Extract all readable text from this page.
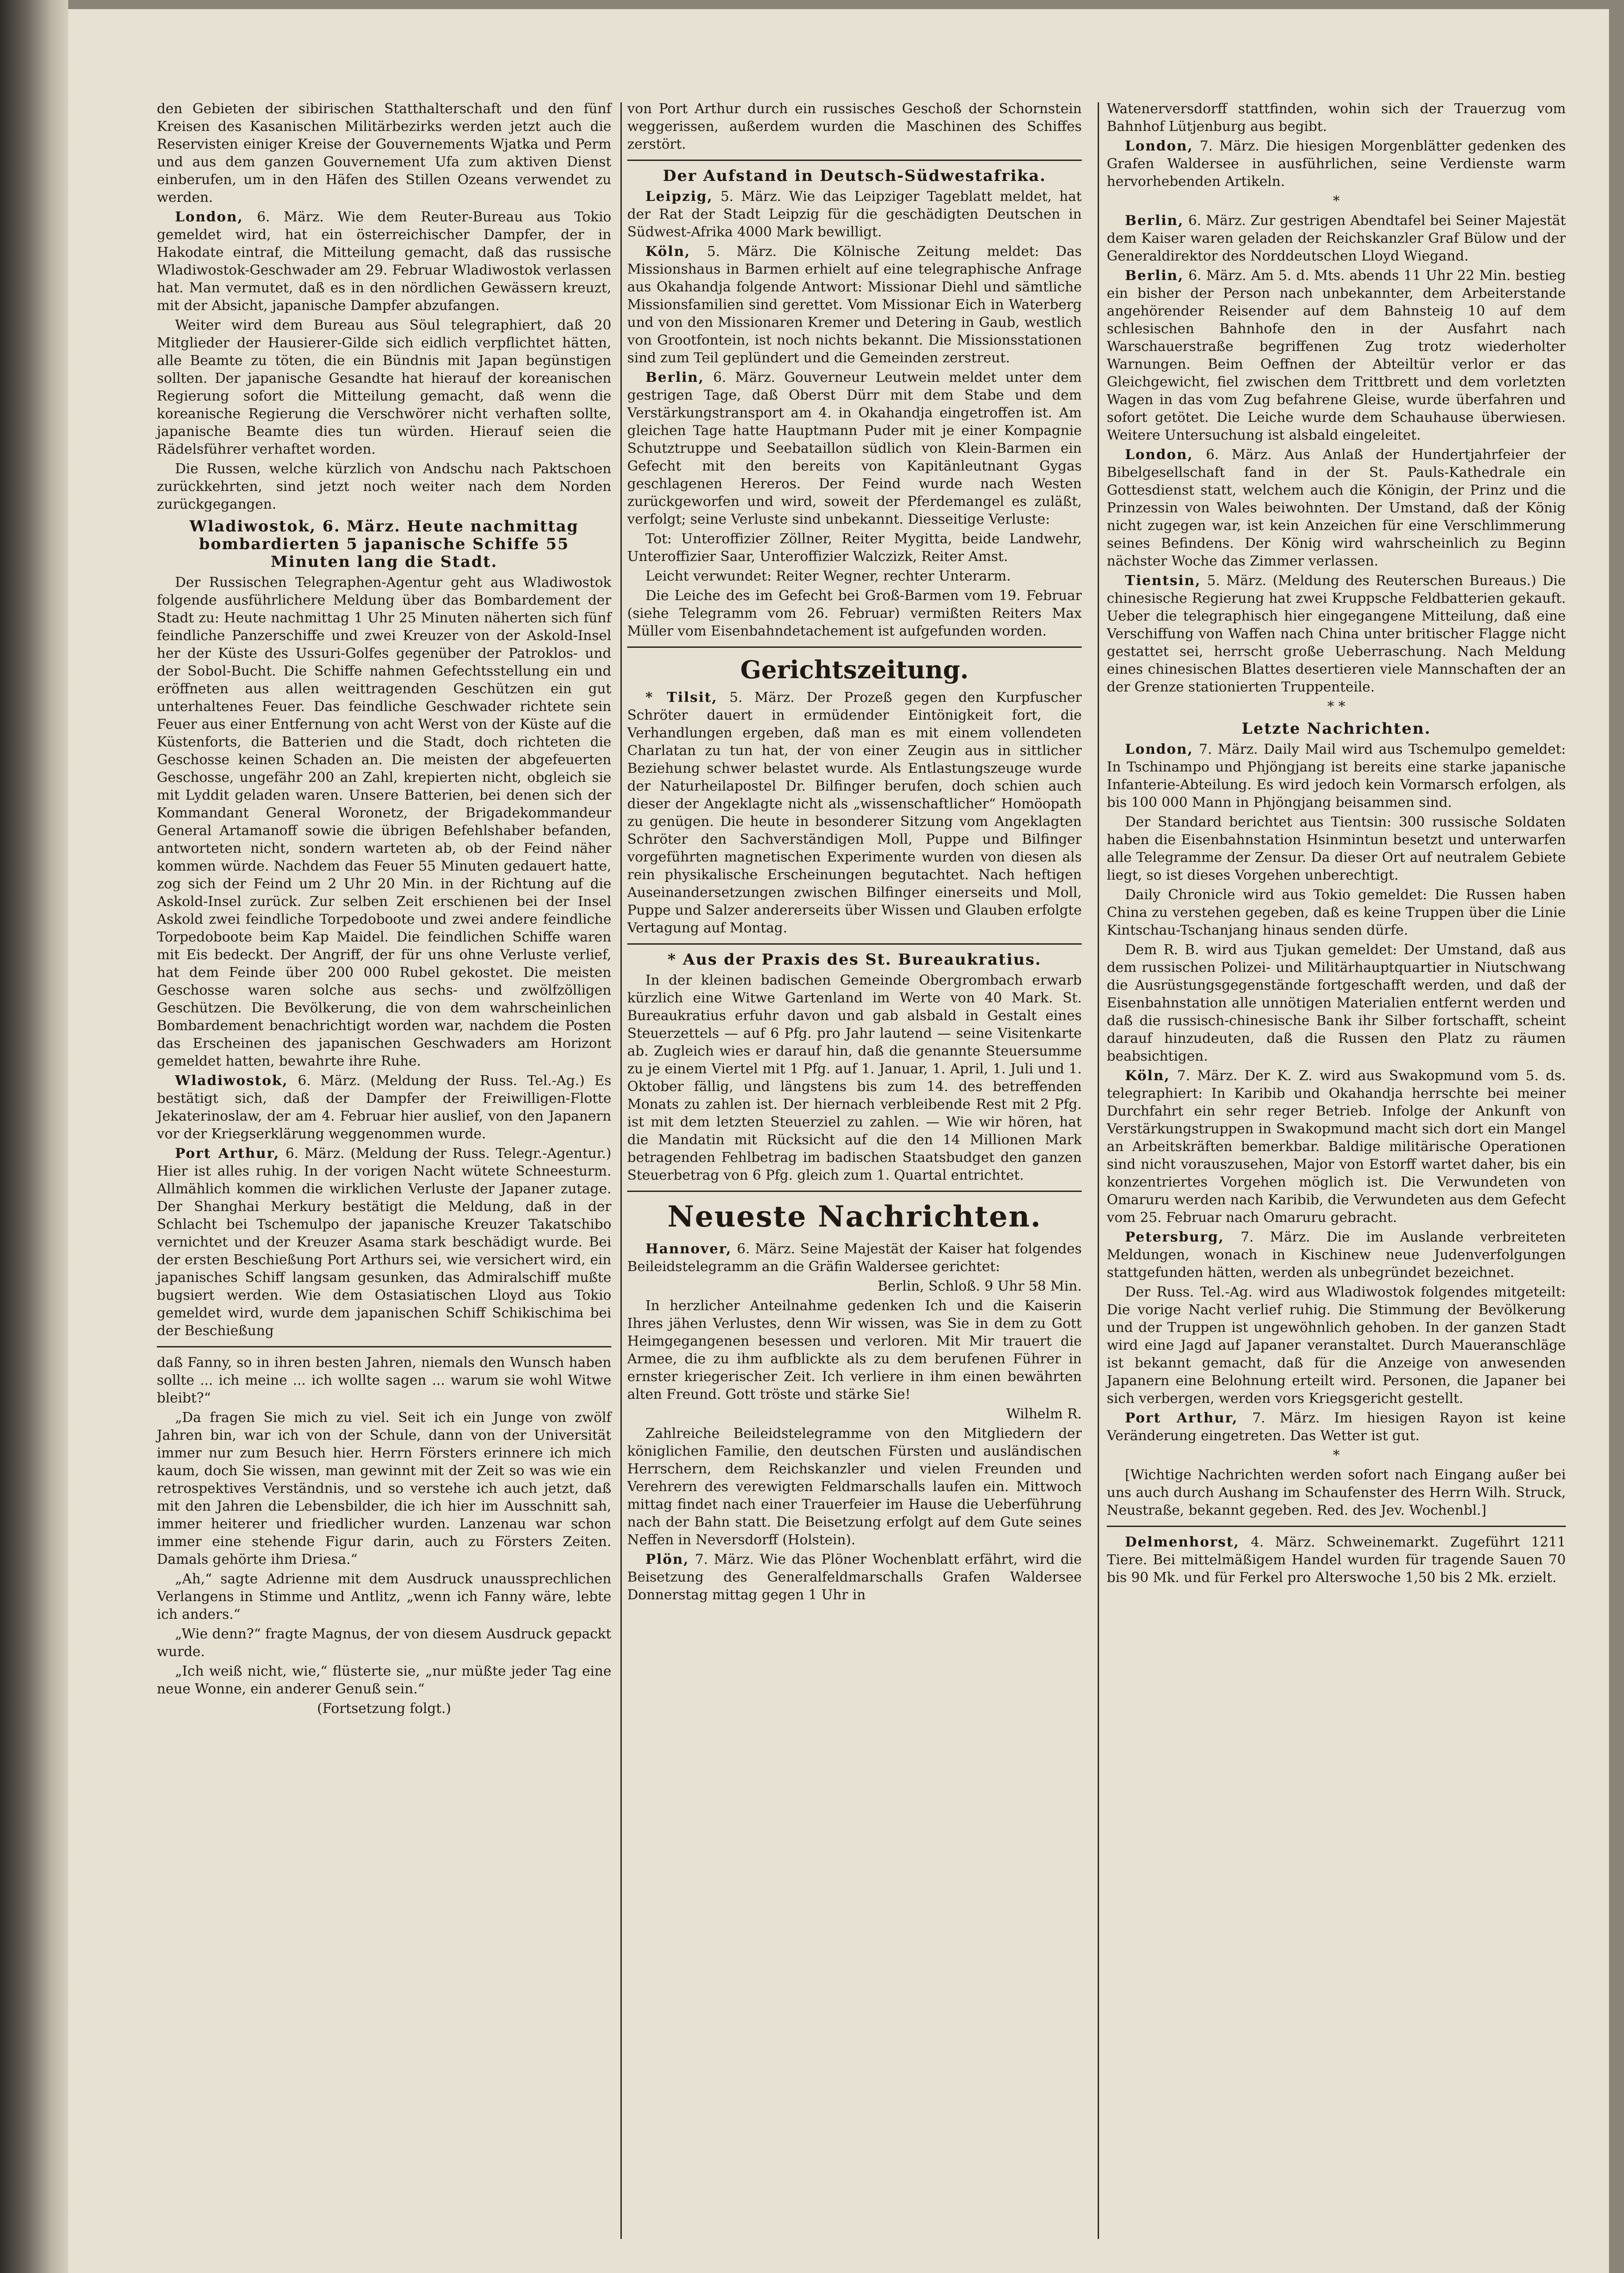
den Gebieten der sibirischen Statthalterschaft und den fünf Kreisen des Kasanischen Militärbezirks werden jetzt auch die Reservisten einiger Kreise der Gouvernements Wjatka und Perm und aus dem ganzen Gouvernement Ufa zum aktiven Dienst einberufen, um in den Häfen des Stillen Ozeans verwendet zu werden.

London, 6. März. Wie dem Reuter-Bureau aus Tokio gemeldet wird, hat ein österreichischer Dampfer, der in Hakodate eintraf, die Mitteilung gemacht, daß das russische Wladiwostok-Geschwader am 29. Februar Wladiwostok verlassen hat. Man vermutet, daß es in den nördlichen Gewässern kreuzt, mit der Absicht, japanische Dampfer abzufangen.

Weiter wird dem Bureau aus Söul telegraphiert, daß 20 Mitglieder der Hausierer-Gilde sich eidlich verpflichtet hätten, alle Beamte zu töten, die ein Bündnis mit Japan begünstigen sollten. Der japanische Gesandte hat hierauf der koreanischen Regierung sofort die Mitteilung gemacht, daß wenn die koreanische Regierung die Verschwörer nicht verhaften sollte, japanische Beamte dies tun würden. Hierauf seien die Rädelsführer verhaftet worden.

Die Russen, welche kürzlich von Andschu nach Paktschoen zurückkehrten, sind jetzt noch weiter nach dem Norden zurückgegangen.

Wladiwostok, 6. März. Heute nachmittag bombardierten 5 japanische Schiffe 55 Minuten lang die Stadt.

Der Russischen Telegraphen-Agentur geht aus Wladiwostok folgende ausführlichere Meldung über das Bombardement der Stadt zu: Heute nachmittag 1 Uhr 25 Minuten näherten sich fünf feindliche Panzerschiffe und zwei Kreuzer von der Askold-Insel her der Küste des Ussuri-Golfes gegenüber der Patroklos- und der Sobol-Bucht. Die Schiffe nahmen Gefechtsstellung ein und eröffneten aus allen weittragenden Geschützen ein gut unterhaltenes Feuer. Das feindliche Geschwader richtete sein Feuer aus einer Entfernung von acht Werst von der Küste auf die Küstenforts, die Batterien und die Stadt, doch richteten die Geschosse keinen Schaden an. Die meisten der abgefeuerten Geschosse, ungefähr 200 an Zahl, krepierten nicht, obgleich sie mit Lyddit geladen waren. Unsere Batterien, bei denen sich der Kommandant General Woronetz, der Brigadekommandeur General Artamanoff sowie die übrigen Befehlshaber befanden, antworteten nicht, sondern warteten ab, ob der Feind näher kommen würde. Nachdem das Feuer 55 Minuten gedauert hatte, zog sich der Feind um 2 Uhr 20 Min. in der Richtung auf die Askold-Insel zurück. Zur selben Zeit erschienen bei der Insel Askold zwei feindliche Torpedoboote und zwei andere feindliche Torpedoboote beim Kap Maidel. Die feindlichen Schiffe waren mit Eis bedeckt. Der Angriff, der für uns ohne Verluste verlief, hat dem Feinde über 200 000 Rubel gekostet. Die meisten Geschosse waren solche aus sechs- und zwölfzölligen Geschützen. Die Bevölkerung, die von dem wahrscheinlichen Bombardement benachrichtigt worden war, nachdem die Posten das Erscheinen des japanischen Geschwaders am Horizont gemeldet hatten, bewahrte ihre Ruhe.

Wladiwostok, 6. März. (Meldung der Russ. Tel.-Ag.) Es bestätigt sich, daß der Dampfer der Freiwilligen-Flotte Jekaterinoslaw, der am 4. Februar hier auslief, von den Japanern vor der Kriegserklärung weggenommen wurde.

Port Arthur, 6. März. (Meldung der Russ. Telegr.-Agentur.) Hier ist alles ruhig. In der vorigen Nacht wütete Schneesturm. Allmählich kommen die wirklichen Verluste der Japaner zutage. Der Shanghai Merkury bestätigt die Meldung, daß in der Schlacht bei Tschemulpo der japanische Kreuzer Takatschibo vernichtet und der Kreuzer Asama stark beschädigt wurde. Bei der ersten Beschießung Port Arthurs sei, wie versichert wird, ein japanisches Schiff langsam gesunken, das Admiralschiff mußte bugsiert werden. Wie dem Ostasiatischen Lloyd aus Tokio gemeldet wird, wurde dem japanischen Schiff Schikischima bei der Beschießung

daß Fanny, so in ihren besten Jahren, niemals den Wunsch haben sollte ... ich meine ... ich wollte sagen ... warum sie wohl Witwe bleibt?“

„Da fragen Sie mich zu viel. Seit ich ein Junge von zwölf Jahren bin, war ich von der Schule, dann von der Universität immer nur zum Besuch hier. Herrn Försters erinnere ich mich kaum, doch Sie wissen, man gewinnt mit der Zeit so was wie ein retrospektives Verständnis, und so verstehe ich auch jetzt, daß mit den Jahren die Lebensbilder, die ich hier im Ausschnitt sah, immer heiterer und friedlicher wurden. Lanzenau war schon immer eine stehende Figur darin, auch zu Försters Zeiten. Damals gehörte ihm Driesa.“

„Ah,“ sagte Adrienne mit dem Ausdruck unaussprechlichen Verlangens in Stimme und Antlitz, „wenn ich Fanny wäre, lebte ich anders.“

„Wie denn?“ fragte Magnus, der von diesem Ausdruck gepackt wurde.

„Ich weiß nicht, wie,“ flüsterte sie, „nur müßte jeder Tag eine neue Wonne, ein anderer Genuß sein.“

(Fortsetzung folgt.)

von Port Arthur durch ein russisches Geschoß der Schornstein weggerissen, außerdem wurden die Maschinen des Schiffes zerstört.

Der Aufstand in Deutsch-Südwestafrika.

Leipzig, 5. März. Wie das Leipziger Tageblatt meldet, hat der Rat der Stadt Leipzig für die geschädigten Deutschen in Südwest-Afrika 4000 Mark bewilligt.

Köln, 5. März. Die Kölnische Zeitung meldet: Das Missionshaus in Barmen erhielt auf eine telegraphische Anfrage aus Okahandja folgende Antwort: Missionar Diehl und sämtliche Missionsfamilien sind gerettet. Vom Missionar Eich in Waterberg und von den Missionaren Kremer und Detering in Gaub, westlich von Grootfontein, ist noch nichts bekannt. Die Missionsstationen sind zum Teil geplündert und die Gemeinden zerstreut.

Berlin, 6. März. Gouverneur Leutwein meldet unter dem gestrigen Tage, daß Oberst Dürr mit dem Stabe und dem Verstärkungstransport am 4. in Okahandja eingetroffen ist. Am gleichen Tage hatte Hauptmann Puder mit je einer Kompagnie Schutztruppe und Seebataillon südlich von Klein-Barmen ein Gefecht mit den bereits von Kapitänleutnant Gygas geschlagenen Hereros. Der Feind wurde nach Westen zurückgeworfen und wird, soweit der Pferdemangel es zuläßt, verfolgt; seine Verluste sind unbekannt. Diesseitige Verluste:

Tot: Unteroffizier Zöllner, Reiter Mygitta, beide Landwehr, Unteroffizier Saar, Unteroffizier Walczizk, Reiter Amst.

Leicht verwundet: Reiter Wegner, rechter Unterarm.

Die Leiche des im Gefecht bei Groß-Barmen vom 19. Februar (siehe Telegramm vom 26. Februar) vermißten Reiters Max Müller vom Eisenbahndetachement ist aufgefunden worden.

Gerichtszeitung.

* Tilsit, 5. März. Der Prozeß gegen den Kurpfuscher Schröter dauert in ermüdender Eintönigkeit fort, die Verhandlungen ergeben, daß man es mit einem vollendeten Charlatan zu tun hat, der von einer Zeugin aus in sittlicher Beziehung schwer belastet wurde. Als Entlastungszeuge wurde der Naturheilapostel Dr. Bilfinger berufen, doch schien auch dieser der Angeklagte nicht als „wissenschaftlicher“ Homöopath zu genügen. Die heute in besonderer Sitzung vom Angeklagten Schröter den Sachverständigen Moll, Puppe und Bilfinger vorgeführten magnetischen Experimente wurden von diesen als rein physikalische Erscheinungen begutachtet. Nach heftigen Auseinandersetzungen zwischen Bilfinger einerseits und Moll, Puppe und Salzer andererseits über Wissen und Glauben erfolgte Vertagung auf Montag.

* Aus der Praxis des St. Bureaukratius.

In der kleinen badischen Gemeinde Obergrombach erwarb kürzlich eine Witwe Gartenland im Werte von 40 Mark. St. Bureaukratius erfuhr davon und gab alsbald in Gestalt eines Steuerzettels — auf 6 Pfg. pro Jahr lautend — seine Visitenkarte ab. Zugleich wies er darauf hin, daß die genannte Steuersumme zu je einem Viertel mit 1 Pfg. auf 1. Januar, 1. April, 1. Juli und 1. Oktober fällig, und längstens bis zum 14. des betreffenden Monats zu zahlen ist. Der hiernach verbleibende Rest mit 2 Pfg. ist mit dem letzten Steuerziel zu zahlen. — Wie wir hören, hat die Mandatin mit Rücksicht auf die den 14 Millionen Mark betragenden Fehlbetrag im badischen Staatsbudget den ganzen Steuerbetrag von 6 Pfg. gleich zum 1. Quartal entrichtet.

Neueste Nachrichten.

Hannover, 6. März. Seine Majestät der Kaiser hat folgendes Beileidstelegramm an die Gräfin Waldersee gerichtet:

Berlin, Schloß. 9 Uhr 58 Min.

In herzlicher Anteilnahme gedenken Ich und die Kaiserin Ihres jähen Verlustes, denn Wir wissen, was Sie in dem zu Gott Heimgegangenen besessen und verloren. Mit Mir trauert die Armee, die zu ihm aufblickte als zu dem berufenen Führer in ernster kriegerischer Zeit. Ich verliere in ihm einen bewährten alten Freund. Gott tröste und stärke Sie!

Wilhelm R.

Zahlreiche Beileidstelegramme von den Mitgliedern der königlichen Familie, den deutschen Fürsten und ausländischen Herrschern, dem Reichskanzler und vielen Freunden und Verehrern des verewigten Feldmarschalls laufen ein. Mittwoch mittag findet nach einer Trauerfeier im Hause die Ueberführung nach der Bahn statt. Die Beisetzung erfolgt auf dem Gute seines Neffen in Neversdorff (Holstein).

Plön, 7. März. Wie das Plöner Wochenblatt erfährt, wird die Beisetzung des Generalfeldmarschalls Grafen Waldersee Donnerstag mittag gegen 1 Uhr in

Watenerversdorff stattfinden, wohin sich der Trauerzug vom Bahnhof Lütjenburg aus begibt.

London, 7. März. Die hiesigen Morgenblätter gedenken des Grafen Waldersee in ausführlichen, seine Verdienste warm hervorhebenden Artikeln.

*

Berlin, 6. März. Zur gestrigen Abendtafel bei Seiner Majestät dem Kaiser waren geladen der Reichskanzler Graf Bülow und der Generaldirektor des Norddeutschen Lloyd Wiegand.

Berlin, 6. März. Am 5. d. Mts. abends 11 Uhr 22 Min. bestieg ein bisher der Person nach unbekannter, dem Arbeiterstande angehörender Reisender auf dem Bahnsteig 10 auf dem schlesischen Bahnhofe den in der Ausfahrt nach Warschauerstraße begriffenen Zug trotz wiederholter Warnungen. Beim Oeffnen der Abteiltür verlor er das Gleichgewicht, fiel zwischen dem Trittbrett und dem vorletzten Wagen in das vom Zug befahrene Gleise, wurde überfahren und sofort getötet. Die Leiche wurde dem Schauhause überwiesen. Weitere Untersuchung ist alsbald eingeleitet.

London, 6. März. Aus Anlaß der Hundertjahrfeier der Bibelgesellschaft fand in der St. Pauls-Kathedrale ein Gottesdienst statt, welchem auch die Königin, der Prinz und die Prinzessin von Wales beiwohnten. Der Umstand, daß der König nicht zugegen war, ist kein Anzeichen für eine Verschlimmerung seines Befindens. Der König wird wahrscheinlich zu Beginn nächster Woche das Zimmer verlassen.

Tientsin, 5. März. (Meldung des Reuterschen Bureaus.) Die chinesische Regierung hat zwei Kruppsche Feldbatterien gekauft. Ueber die telegraphisch hier eingegangene Mitteilung, daß eine Verschiffung von Waffen nach China unter britischer Flagge nicht gestattet sei, herrscht große Ueberraschung. Nach Meldung eines chinesischen Blattes desertieren viele Mannschaften der an der Grenze stationierten Truppenteile.

* *

Letzte Nachrichten.

London, 7. März. Daily Mail wird aus Tschemulpo gemeldet: In Tschinampo und Phjöngjang ist bereits eine starke japanische Infanterie-Abteilung. Es wird jedoch kein Vormarsch erfolgen, als bis 100 000 Mann in Phjöngjang beisammen sind.

Der Standard berichtet aus Tientsin: 300 russische Soldaten haben die Eisenbahnstation Hsinmintun besetzt und unterwarfen alle Telegramme der Zensur. Da dieser Ort auf neutralem Gebiete liegt, so ist dieses Vorgehen unberechtigt.

Daily Chronicle wird aus Tokio gemeldet: Die Russen haben China zu verstehen gegeben, daß es keine Truppen über die Linie Kintschau-Tschanjang hinaus senden dürfe.

Dem R. B. wird aus Tjukan gemeldet: Der Umstand, daß aus dem russischen Polizei- und Militärhauptquartier in Niutschwang die Ausrüstungsgegenstände fortgeschafft werden, und daß der Eisenbahnstation alle unnötigen Materialien entfernt werden und daß die russisch-chinesische Bank ihr Silber fortschafft, scheint darauf hinzudeuten, daß die Russen den Platz zu räumen beabsichtigen.

Köln, 7. März. Der K. Z. wird aus Swakopmund vom 5. ds. telegraphiert: In Karibib und Okahandja herrschte bei meiner Durchfahrt ein sehr reger Betrieb. Infolge der Ankunft von Verstärkungstruppen in Swakopmund macht sich dort ein Mangel an Arbeitskräften bemerkbar. Baldige militärische Operationen sind nicht vorauszusehen, Major von Estorff wartet daher, bis ein konzentriertes Vorgehen möglich ist. Die Verwundeten von Omaruru werden nach Karibib, die Verwundeten aus dem Gefecht vom 25. Februar nach Omaruru gebracht.

Petersburg, 7. März. Die im Auslande verbreiteten Meldungen, wonach in Kischinew neue Judenverfolgungen stattgefunden hätten, werden als unbegründet bezeichnet.

Der Russ. Tel.-Ag. wird aus Wladiwostok folgendes mitgeteilt: Die vorige Nacht verlief ruhig. Die Stimmung der Bevölkerung und der Truppen ist ungewöhnlich gehoben. In der ganzen Stadt wird eine Jagd auf Japaner veranstaltet. Durch Maueranschläge ist bekannt gemacht, daß für die Anzeige von anwesenden Japanern eine Belohnung erteilt wird. Personen, die Japaner bei sich verbergen, werden vors Kriegsgericht gestellt.

Port Arthur, 7. März. Im hiesigen Rayon ist keine Veränderung eingetreten. Das Wetter ist gut.

*

[Wichtige Nachrichten werden sofort nach Eingang außer bei uns auch durch Aushang im Schaufenster des Herrn Wilh. Struck, Neustraße, bekannt gegeben. Red. des Jev. Wochenbl.]

Delmenhorst, 4. März. Schweinemarkt. Zugeführt 1211 Tiere. Bei mittelmäßigem Handel wurden für tragende Sauen 70 bis 90 Mk. und für Ferkel pro Alterswoche 1,50 bis 2 Mk. erzielt.
